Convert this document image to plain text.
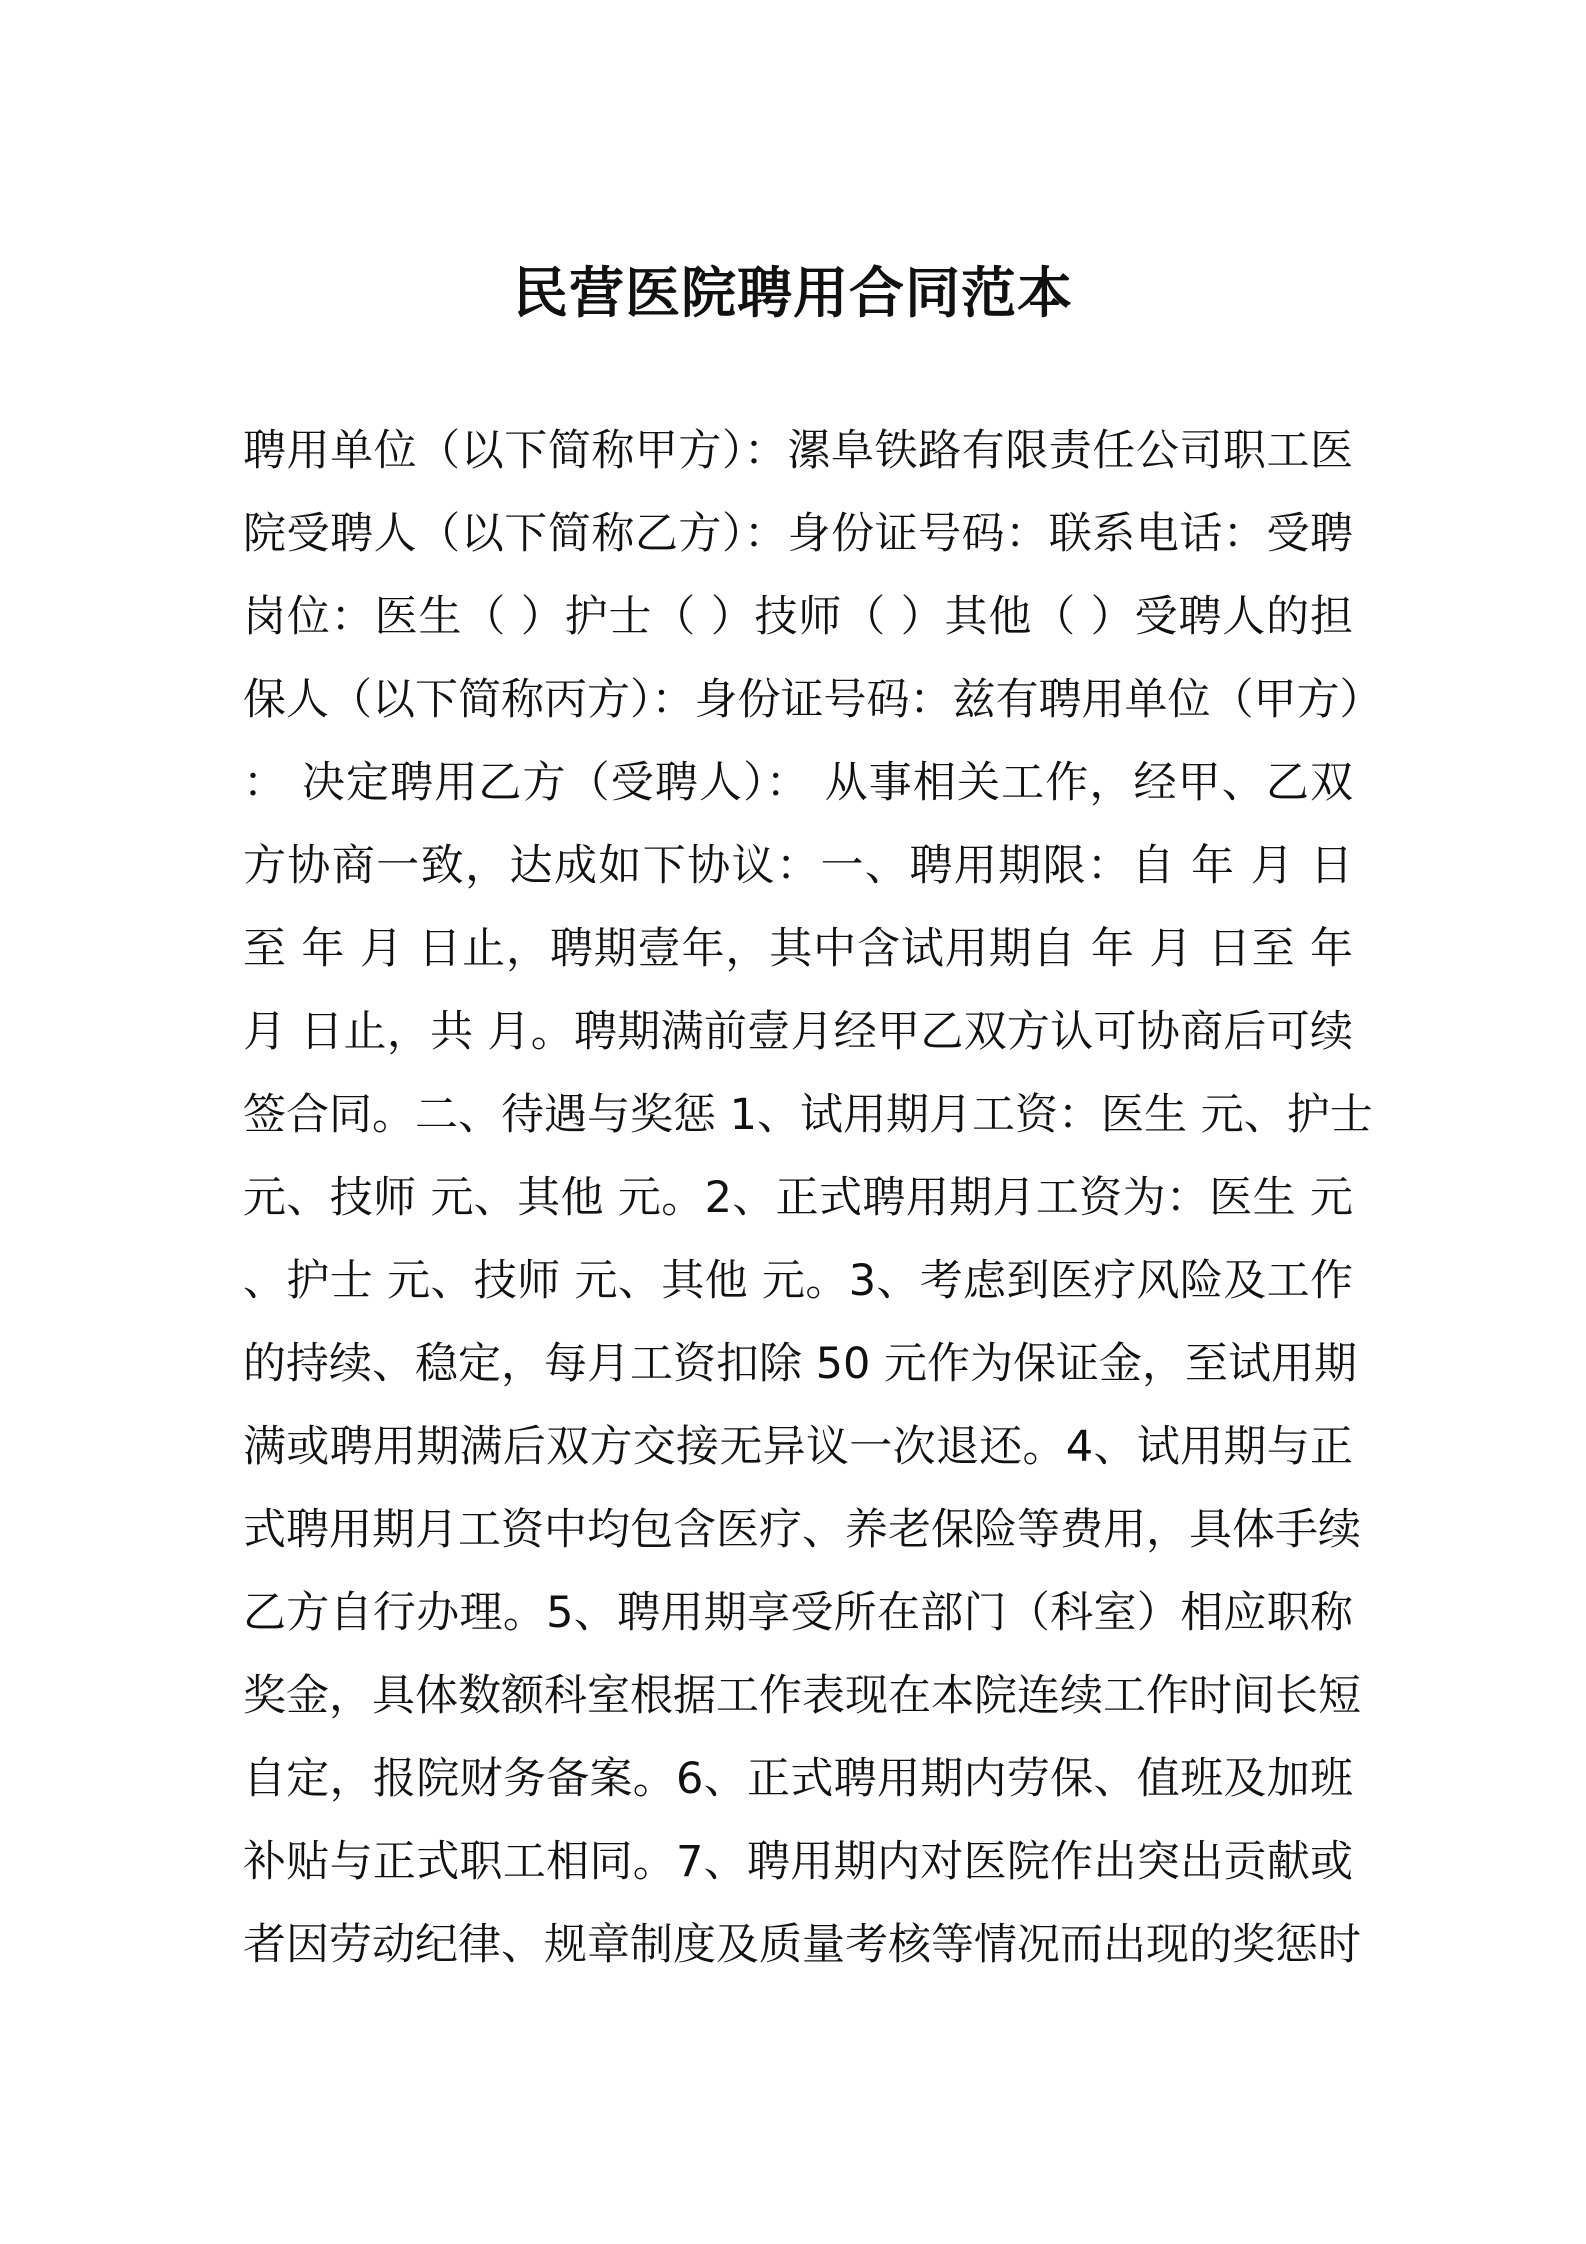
民营医院聘用合同范本
聘用单位（以下简称甲方）：漯阜铁路有限责任公司职工医
院受聘人（以下简称乙方）：身份证号码：联系电话：受聘
岗位：医生（ ）护士（ ）技师（ ）其他（ ）受聘人的担
保人（以下简称丙方）：身份证号码：兹有聘用单位（甲方）
： 决定聘用乙方（受聘人）： 从事相关工作，经甲、乙双
方协商一致，达成如下协议：一、聘用期限：自 年 月 日
至 年 月 日止，聘期壹年，其中含试用期自 年 月 日至 年
月 日止，共 月。聘期满前壹月经甲乙双方认可协商后可续
签合同。二、待遇与奖惩 1、试用期月工资：医生 元、护士
元、技师 元、其他 元。2、正式聘用期月工资为：医生 元
、护士 元、技师 元、其他 元。3、考虑到医疗风险及工作
的持续、稳定，每月工资扣除 50 元作为保证金，至试用期
满或聘用期满后双方交接无异议一次退还。4、试用期与正
式聘用期月工资中均包含医疗、养老保险等费用，具体手续
乙方自行办理。5、聘用期享受所在部门（科室）相应职称
奖金，具体数额科室根据工作表现在本院连续工作时间长短
自定，报院财务备案。6、正式聘用期内劳保、值班及加班
补贴与正式职工相同。7、聘用期内对医院作出突出贡献或
者因劳动纪律、规章制度及质量考核等情况而出现的奖惩时
